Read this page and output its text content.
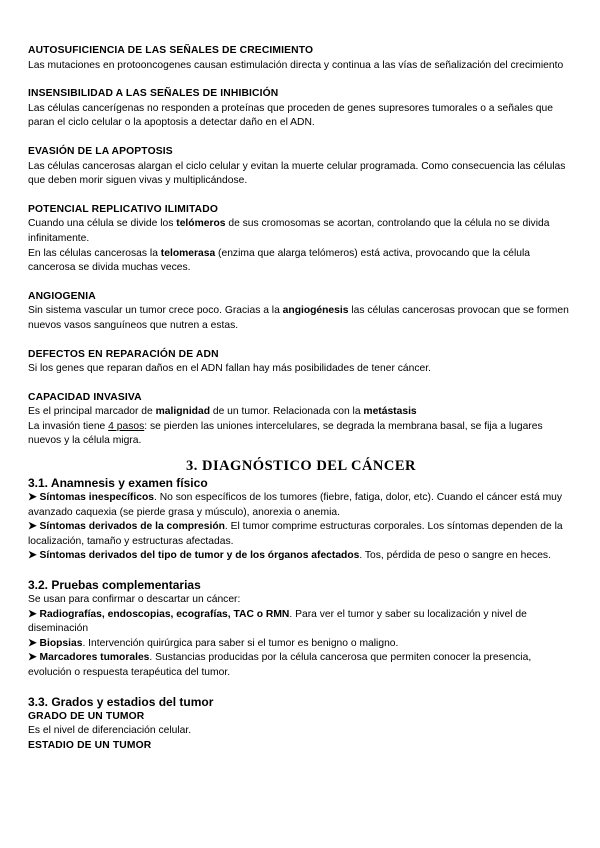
AUTOSUFICIENCIA DE LAS SEÑALES DE CRECIMIENTO
Las mutaciones en protooncogenes causan estimulación directa y continua a las vías de señalización del crecimiento
INSENSIBILIDAD A LAS SEÑALES DE INHIBICIÓN
Las células cancerígenas no responden a proteínas que proceden de genes supresores tumorales o a señales que paran el ciclo celular o la apoptosis a detectar daño en el ADN.
EVASIÓN DE LA APOPTOSIS
Las células cancerosas alargan el ciclo celular y evitan la muerte celular programada. Como consecuencia las células que deben morir siguen vivas y multiplicándose.
POTENCIAL REPLICATIVO ILIMITADO
Cuando una célula se divide los telómeros de sus cromosomas se acortan, controlando que la célula no se divida infinitamente.
En las células cancerosas la telomerasa (enzima que alarga telómeros) está activa, provocando que la célula cancerosa se divida muchas veces.
ANGIOGENIA
Sin sistema vascular un tumor crece poco. Gracias a la angiogénesis las células cancerosas provocan que se formen nuevos vasos sanguíneos que nutren a estas.
DEFECTOS EN REPARACIÓN DE ADN
Si los genes que reparan daños en el ADN fallan hay más posibilidades de tener cáncer.
CAPACIDAD INVASIVA
Es el principal marcador de malignidad de un tumor. Relacionada con la metástasis
La invasión tiene 4 pasos: se pierden las uniones intercelulares, se degrada la membrana basal, se fija a lugares nuevos y la célula migra.
3. DIAGNÓSTICO DEL CÁNCER
3.1. Anamnesis y examen físico
➤ Síntomas inespecíficos. No son específicos de los tumores (fiebre, fatiga, dolor, etc). Cuando el cáncer está muy avanzado caquexia (se pierde grasa y músculo), anorexia o anemia.
➤ Síntomas derivados de la compresión. El tumor comprime estructuras corporales. Los síntomas dependen de la localización, tamaño y estructuras afectadas.
➤ Síntomas derivados del tipo de tumor y de los órganos afectados. Tos, pérdida de peso o sangre en heces.
3.2. Pruebas complementarias
Se usan para confirmar o descartar un cáncer:
➤ Radiografías, endoscopias, ecografías, TAC o RMN. Para ver el tumor y saber su localización y nivel de diseminación
➤ Biopsias. Intervención quirúrgica para saber si el tumor es benigno o maligno.
➤ Marcadores tumorales. Sustancias producidas por la célula cancerosa que permiten conocer la presencia, evolución o respuesta terapéutica del tumor.
3.3. Grados y estadios del tumor
GRADO DE UN TUMOR
Es el nivel de diferenciación celular.
ESTADIO DE UN TUMOR
